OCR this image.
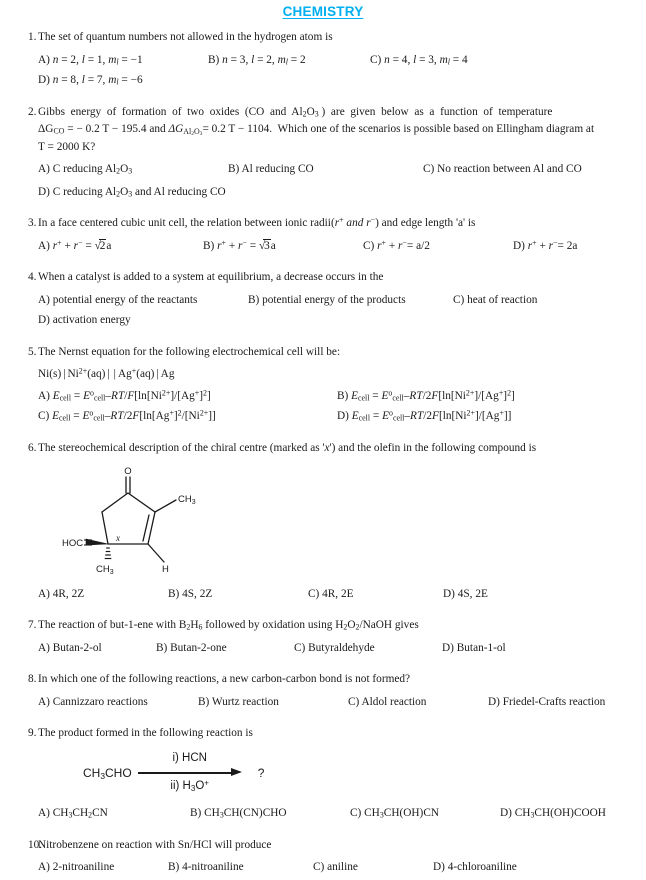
CHEMISTRY
1. The set of quantum numbers not allowed in the hydrogen atom is
A) n = 2, l = 1, $m_l = -1$	B) n = 3, l = 2, $m_l = 2$	C) n = 4, l = 3, $m_l = 4$
D) n = 8, l = 7, $m_l = -6$
2. Gibbs  energy  of  formation  of  two  oxides  (CO  and  $Al_2O_3$ )  are  given  below  as  a  function  of  temperature
$\Delta G_{CO}$ = − 0.2 T − 195.4 and $\Delta G_{Al_2O_3}= 0.2$ T − 1104.  Which one of the scenarios is possible based on Ellingham diagram at
T = 2000 K?
A) C reducing $Al_2O_3$	B) Al reducing CO	C) No reaction between Al and CO
D) C reducing $Al_2O_3$ and Al reducing CO
3. In a face centered cubic unit cell, the relation between ionic radii(r+ and r−) and edge length 'a' is
A) r+ + r− = √2a	B) r+ + r− = √3a	C) r+ + r−= a/2	D) r+ + r−= 2a
4. When a catalyst is added to a system at equilibrium, a decrease occurs in the
A) potential energy of the reactants	B) potential energy of the products	C) heat of reaction
D) activation energy
5. The Nernst equation for the following electrochemical cell will be:
Ni(s) | $Ni^{2+}(aq)$ | | Ag+(aq) | Ag
A) $E_{cell} = E^o_{cell}-RT/F[\ln[Ni^{2+}]/[Ag^+]^2]$	B) $E_{cell} = E^o_{cell}-RT/2F[\ln[Ni^{2+}]/[Ag^+]^2]$
C) $E_{cell} = E^o_{cell}-RT/2F[\ln[Ag^+]^2/[Ni^{2+}]]$	D) $E_{cell} = E^o_{cell}-RT/2F[\ln[Ni^{2+}]/[Ag^+]]$
6. The stereochemical description of the chiral centre (marked as 'x') and the olefin in the following compound is
O
$CH_3$
HOC	x
$CH_3$	H
A) 4R, 2Z	B) 4S, 2Z	C) 4R, 2E	D) 4S, 2E
7. The reaction of but-1-ene with $B_2H_6$ followed by oxidation using $H_2O_2$/NaOH gives
A) Butan-2-ol	B) Butan-2-one	C) Butyraldehyde	D) Butan-1-ol
8. In which one of the following reactions, a new carbon-carbon bond is not formed?
A) Cannizzaro reactions	B) Wurtz reaction	C) Aldol reaction	D) Friedel-Crafts reaction
9. The product formed in the following reaction is
$CH_3CHO$
i) HCN
ii) $H_3O^+$
?
A) $CH_3CH_2CN$	B) $CH_3CH(CN)CHO$	C) $CH_3CH(OH)CN$	D) $CH_3CH(OH)COOH$
10.
Nitrobenzene on reaction with Sn/HCl will produce
A) 2-nitroaniline	B) 4-nitroaniline	C) aniline	D) 4-chloroaniline
